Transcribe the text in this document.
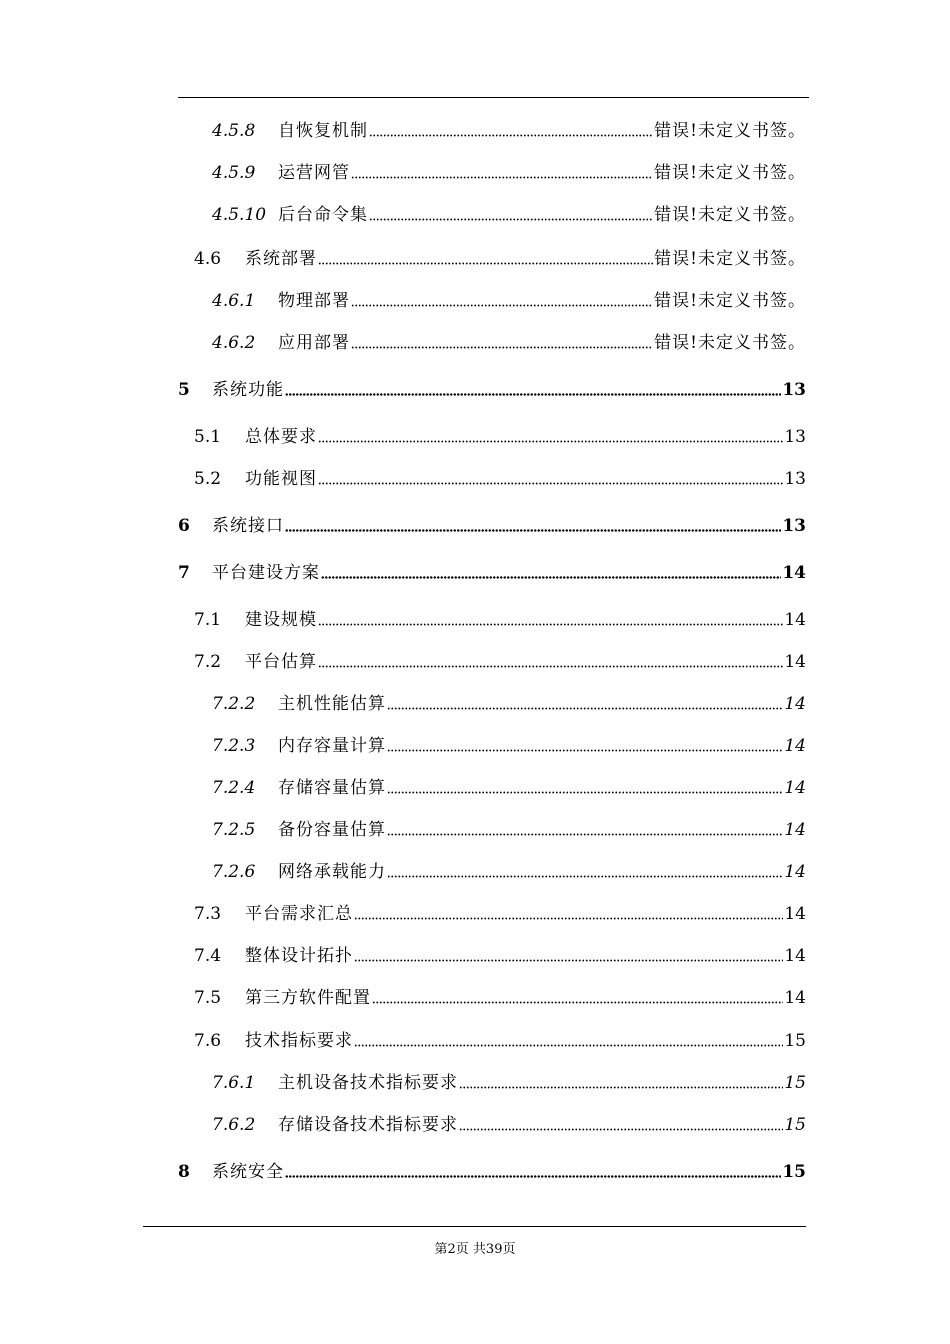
4.5.8	自恢复机制	错误!未定义书签。
4.5.9	运营网管	错误!未定义书签。
4.5.10 后台命令集	错误!未定义书签。
4.6	系统部署	错误!未定义书签。
4.6.1	物理部署	错误!未定义书签。
4.6.2	应用部署	错误!未定义书签。
5	系统功能	13
5.1	总体要求	13
5.2	功能视图	13
6	系统接口	13
7	平台建设方案	14
7.1	建设规模	14
7.2	平台估算	14
7.2.2	主机性能估算	14
7.2.3	内存容量计算	14
7.2.4	存储容量估算	14
7.2.5	备份容量估算	14
7.2.6	网络承载能力	14
7.3	平台需求汇总	14
7.4	整体设计拓扑	14
7.5	第三方软件配置	14
7.6	技术指标要求	15
7.6.1	主机设备技术指标要求	15
7.6.2	存储设备技术指标要求	15
8	系统安全	15
第2页 共39页
